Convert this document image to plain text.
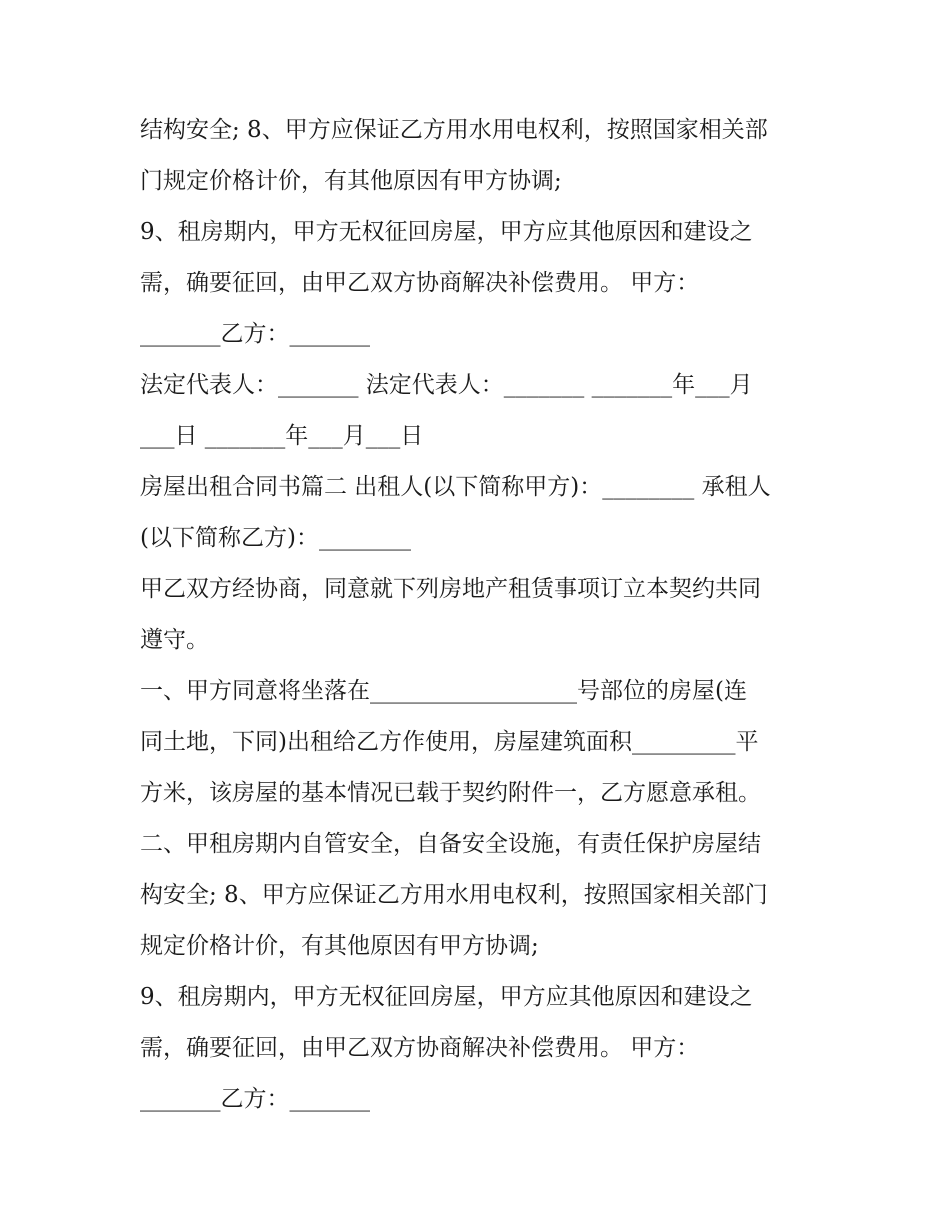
结构安全; 8、甲方应保证乙方用水用电权利，按照国家相关部
门规定价格计价，有其他原因有甲方协调;
9、租房期内，甲方无权征回房屋，甲方应其他原因和建设之
需，确要征回，由甲乙双方协商解决补偿费用。 甲方：
_______乙方：_______
法定代表人：_______ 法定代表人：_______ _______年___月
___日 _______年___月___日
房屋出租合同书篇二 出租人(以下简称甲方)：________ 承租人
(以下简称乙方)：________
甲乙双方经协商，同意就下列房地产租赁事项订立本契约共同
遵守。
一、甲方同意将坐落在__________________号部位的房屋(连
同土地，下同)出租给乙方作使用，房屋建筑面积_________平
方米，该房屋的基本情况已载于契约附件一，乙方愿意承租。
二、甲租房期内自管安全，自备安全设施，有责任保护房屋结
构安全; 8、甲方应保证乙方用水用电权利，按照国家相关部门
规定价格计价，有其他原因有甲方协调;
9、租房期内，甲方无权征回房屋，甲方应其他原因和建设之
需，确要征回，由甲乙双方协商解决补偿费用。 甲方：
_______乙方：_______
